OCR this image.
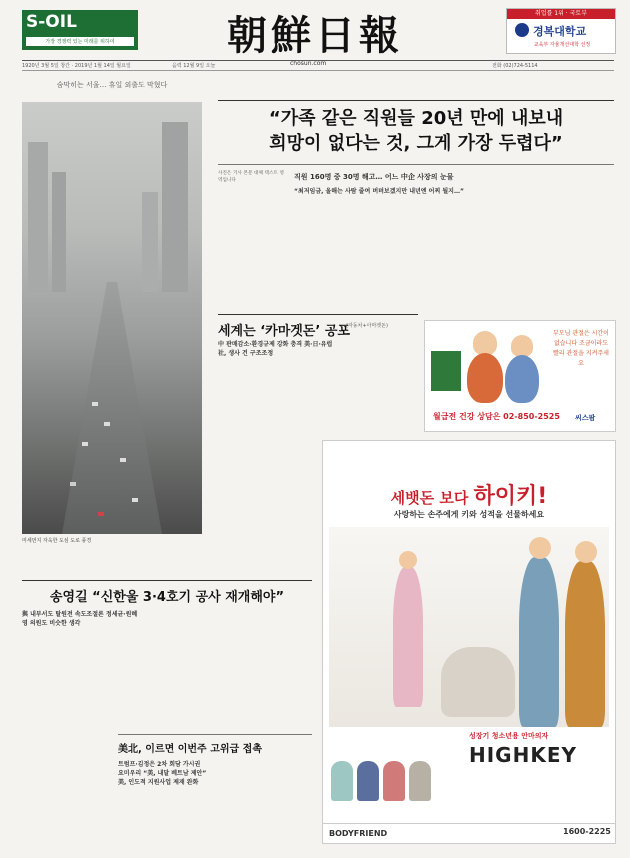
S-OIL
가장 경쟁력 있는 미래를 위하여	朝鮮日報
chosun.com
취업률 1위 · 국토부
경복대학교
교육부 자율개선대학 선정
1920년 3월 5일 창간 · 2019년 1월 14일 월요일	음력 12월 9일 오늘	전화 (02)724-5114
숨막히는 서울… 휴일 외출도 막혔다
미세먼지 자욱한 도심 도로 풍경
“가족 같은 직원들 20년 만에 내보내
희망이 없다는 것, 그게 가장 두렵다”
사진은 기사 본문 대체 텍스트 영역입니다	직원 160명 중 30명 해고… 어느 中企 사장의 눈물
“최저임금, 올해는 사람 줄여 버텨보겠지만 내년엔 어찌 될지…”
세계는 ‘카마겟돈’ 공포
(자동차+아마겟돈)
中 판매감소·환경규제 강화 충격 美·日·유럽社, 생사 건 구조조정
부모님 관절은 시간이 없습니다 조금이라도 빨리 관절을 지켜주세요
월급전 건강 상담은 02-850-2525 씨스팜
세뱃돈 보다 하이키!
사랑하는 손주에게 키와 성적을 선물하세요
성장기 청소년용 안마의자
HIGHKEY
BODYFRIEND	1600-2225
송영길 “신한울 3·4호기 공사 재개해야”
與 내부서도 탈원전 속도조절론 정세균·원혜영 의원도 비슷한 생각
美北, 이르면 이번주 고위급 접촉
트럼프·김정은 2차 회담 가시권 요미우리 “美, 내달 베트남 제안” 美, 인도적 지원사업 제재 완화
